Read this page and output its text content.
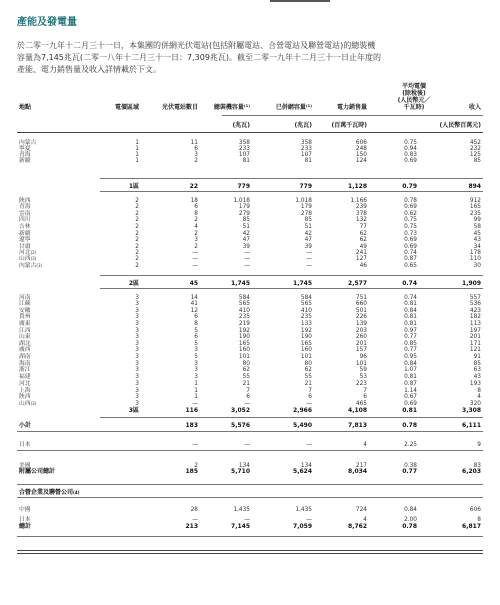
產能及發電量
於二零一九年十二月三十一日，本集團的併網光伏電站(包括附屬電站、合營電站及聯營電站)的總裝機
容量為7,145兆瓦(二零一八年十二月三十一日：7,309兆瓦)。截至二零一九年十二月三十一日止年度的
產能、電力銷售量及收入詳情載於下文。
地點	電價區域	光伏電站數目	總裝機容量⁽¹⁾	已併網容量⁽¹⁾	電力銷售量
平均電價
(除稅後)
(人民幣元／
千瓦時)	收入
(兆瓦)	(兆瓦)	(百萬千瓦時)	(人民幣百萬元)
內蒙古	1	11	358	358	606	0.75	452
寧夏	1	6	233	233	248	0.94	232
青海	1	3	107	107	150	0.83	125
新疆	1	2	81	81	124	0.69	85
1區	22	779	779	1,128	0.79	894
陝西	2	18	1,018	1,018	1,166	0.78	912
青海	2	6	179	179	239	0.69	165
雲南	2	8	279	278	378	0.62	235
四川	2	2	85	85	132	0.75	99
吉林	2	4	51	51	77	0.75	58
新疆	2	2	42	42	62	0.73	45
遼寧	2	3	47	47	62	0.69	43
甘肅	2	2	39	39	49	0.69	34
河北$^{(2)}$	2	—	—	—	241	0.74	178
山西$^{(3)}$	2	—	—	—	127	0.87	110
內蒙古$^{(3)}$	2	—	—	—	46	0.65	30
2區	45	1,745	1,745	2,577	0.74	1,909
河南	3	14	584	584	751	0.74	557
江蘇	3	41	565	565	660	0.81	536
安徽	3	12	410	410	501	0.84	423
貴州	3	6	235	235	226	0.81	182
廣東	3	8	219	133	139	0.81	113
江西	3	5	192	192	203	0.97	197
山東	3	6	190	190	260	0.77	201
湖北	3	5	165	165	201	0.85	171
廣西	3	3	160	160	157	0.77	121
湖南	3	5	101	101	96	0.95	91
海南	3	3	80	80	101	0.84	85
浙江	3	3	62	62	59	1.07	63
福建	3	3	55	55	53	0.81	43
河北	3	1	21	21	223	0.87	193
上海	3	1	7	7	7	1.14	8
陝西	3	1	6	6	6	0.67	4
山西$^{(3)}$	3	—	—	—	465	0.69	320
3區	116	3,052	2,966	4,108	0.81	3,308
小計	183	5,576	5,490	7,813	0.78	6,111
日本	—	—	—	4	2.25	9
美國	2	134	134	217	0.38	83
附屬公司總計	185	5,710	5,624	8,034	0.77	6,203
合營企業及聯營公司$^{(4)}$
中國	28	1,435	1,435	724	0.84	606
日本	—	—	—	4	2.00	8
總計	213	7,145	7,059	8,762	0.78	6,817
